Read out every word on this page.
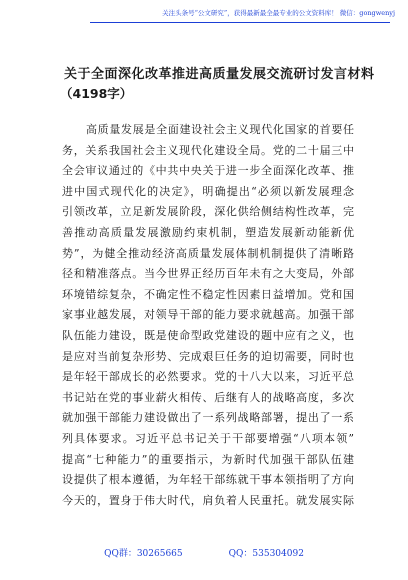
关注头条号“公文研究”，获得最新最全最专业的公文资料库！ 微信：gongwenyj
关于全面深化改革推进高质量发展交流研讨发言材料
（4198字）
高质量发展是全面建设社会主义现代化国家的首要任
务，关系我国社会主义现代化建设全局。党的二十届三中
全会审议通过的《中共中央关于进一步全面深化改革、推
进中国式现代化的决定》，明确提出“必须以新发展理念
引领改革，立足新发展阶段，深化供给侧结构性改革，完
善推动高质量发展激励约束机制，塑造发展新动能新优
势”，为健全推动经济高质量发展体制机制提供了清晰路
径和精准落点。当今世界正经历百年未有之大变局，外部
环境错综复杂，不确定性不稳定性因素日益增加。党和国
家事业越发展，对领导干部的能力要求就越高。加强干部
队伍能力建设，既是使命型政党建设的题中应有之义，也
是应对当前复杂形势、完成艰巨任务的迫切需要，同时也
是年轻干部成长的必然要求。党的十八大以来，习近平总
书记站在党的事业薪火相传、后继有人的战略高度，多次
就加强干部能力建设做出了一系列战略部署，提出了一系
列具体要求。习近平总书记关于干部要增强“八项本领”
提高“七种能力”的重要指示，为新时代加强干部队伍建
设提供了根本遵循，为年轻干部练就干事本领指明了方向
今天的，置身于伟大时代，肩负着人民重托。就发展实际
QQ群：30265665	QQ：535304092
